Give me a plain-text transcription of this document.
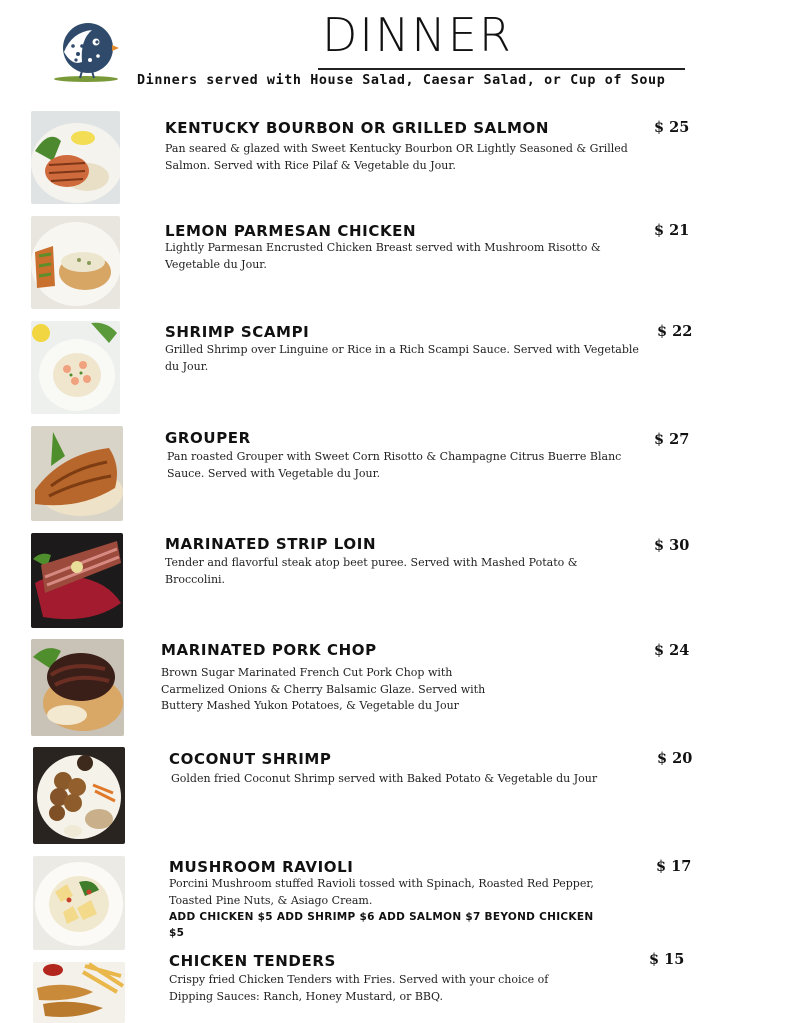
DINNER
Dinners served with House Salad, Caesar Salad, or Cup of Soup
KENTUCKY BOURBON OR GRILLED SALMON	$ 25
Pan seared & glazed with Sweet Kentucky Bourbon OR Lightly Seasoned & Grilled Salmon. Served with Rice Pilaf & Vegetable du Jour.
LEMON PARMESAN CHICKEN	$ 21
Lightly Parmesan Encrusted Chicken Breast served with Mushroom Risotto & Vegetable du Jour.
SHRIMP SCAMPI	$ 22
Grilled Shrimp over Linguine or Rice in a Rich Scampi Sauce. Served with Vegetable du Jour.
GROUPER	$ 27
Pan roasted Grouper with Sweet Corn Risotto & Champagne Citrus Buerre Blanc Sauce. Served with Vegetable du Jour.
MARINATED STRIP LOIN	$ 30
Tender and flavorful steak atop beet puree. Served with Mashed Potato & Broccolini.
MARINATED PORK CHOP	$ 24
Brown Sugar Marinated French Cut Pork Chop with Carmelized Onions & Cherry Balsamic Glaze. Served with Buttery Mashed Yukon Potatoes, & Vegetable du Jour
COCONUT SHRIMP	$ 20
Golden fried Coconut Shrimp served with Baked Potato & Vegetable du Jour
MUSHROOM RAVIOLI	$ 17
Porcini Mushroom stuffed Ravioli tossed with Spinach, Roasted Red Pepper, Toasted Pine Nuts, & Asiago Cream.
ADD CHICKEN $5 ADD SHRIMP $6 ADD SALMON $7 BEYOND CHICKEN $5
CHICKEN TENDERS	$ 15
Crispy fried Chicken Tenders with Fries. Served with your choice of Dipping Sauces: Ranch, Honey Mustard, or BBQ.
